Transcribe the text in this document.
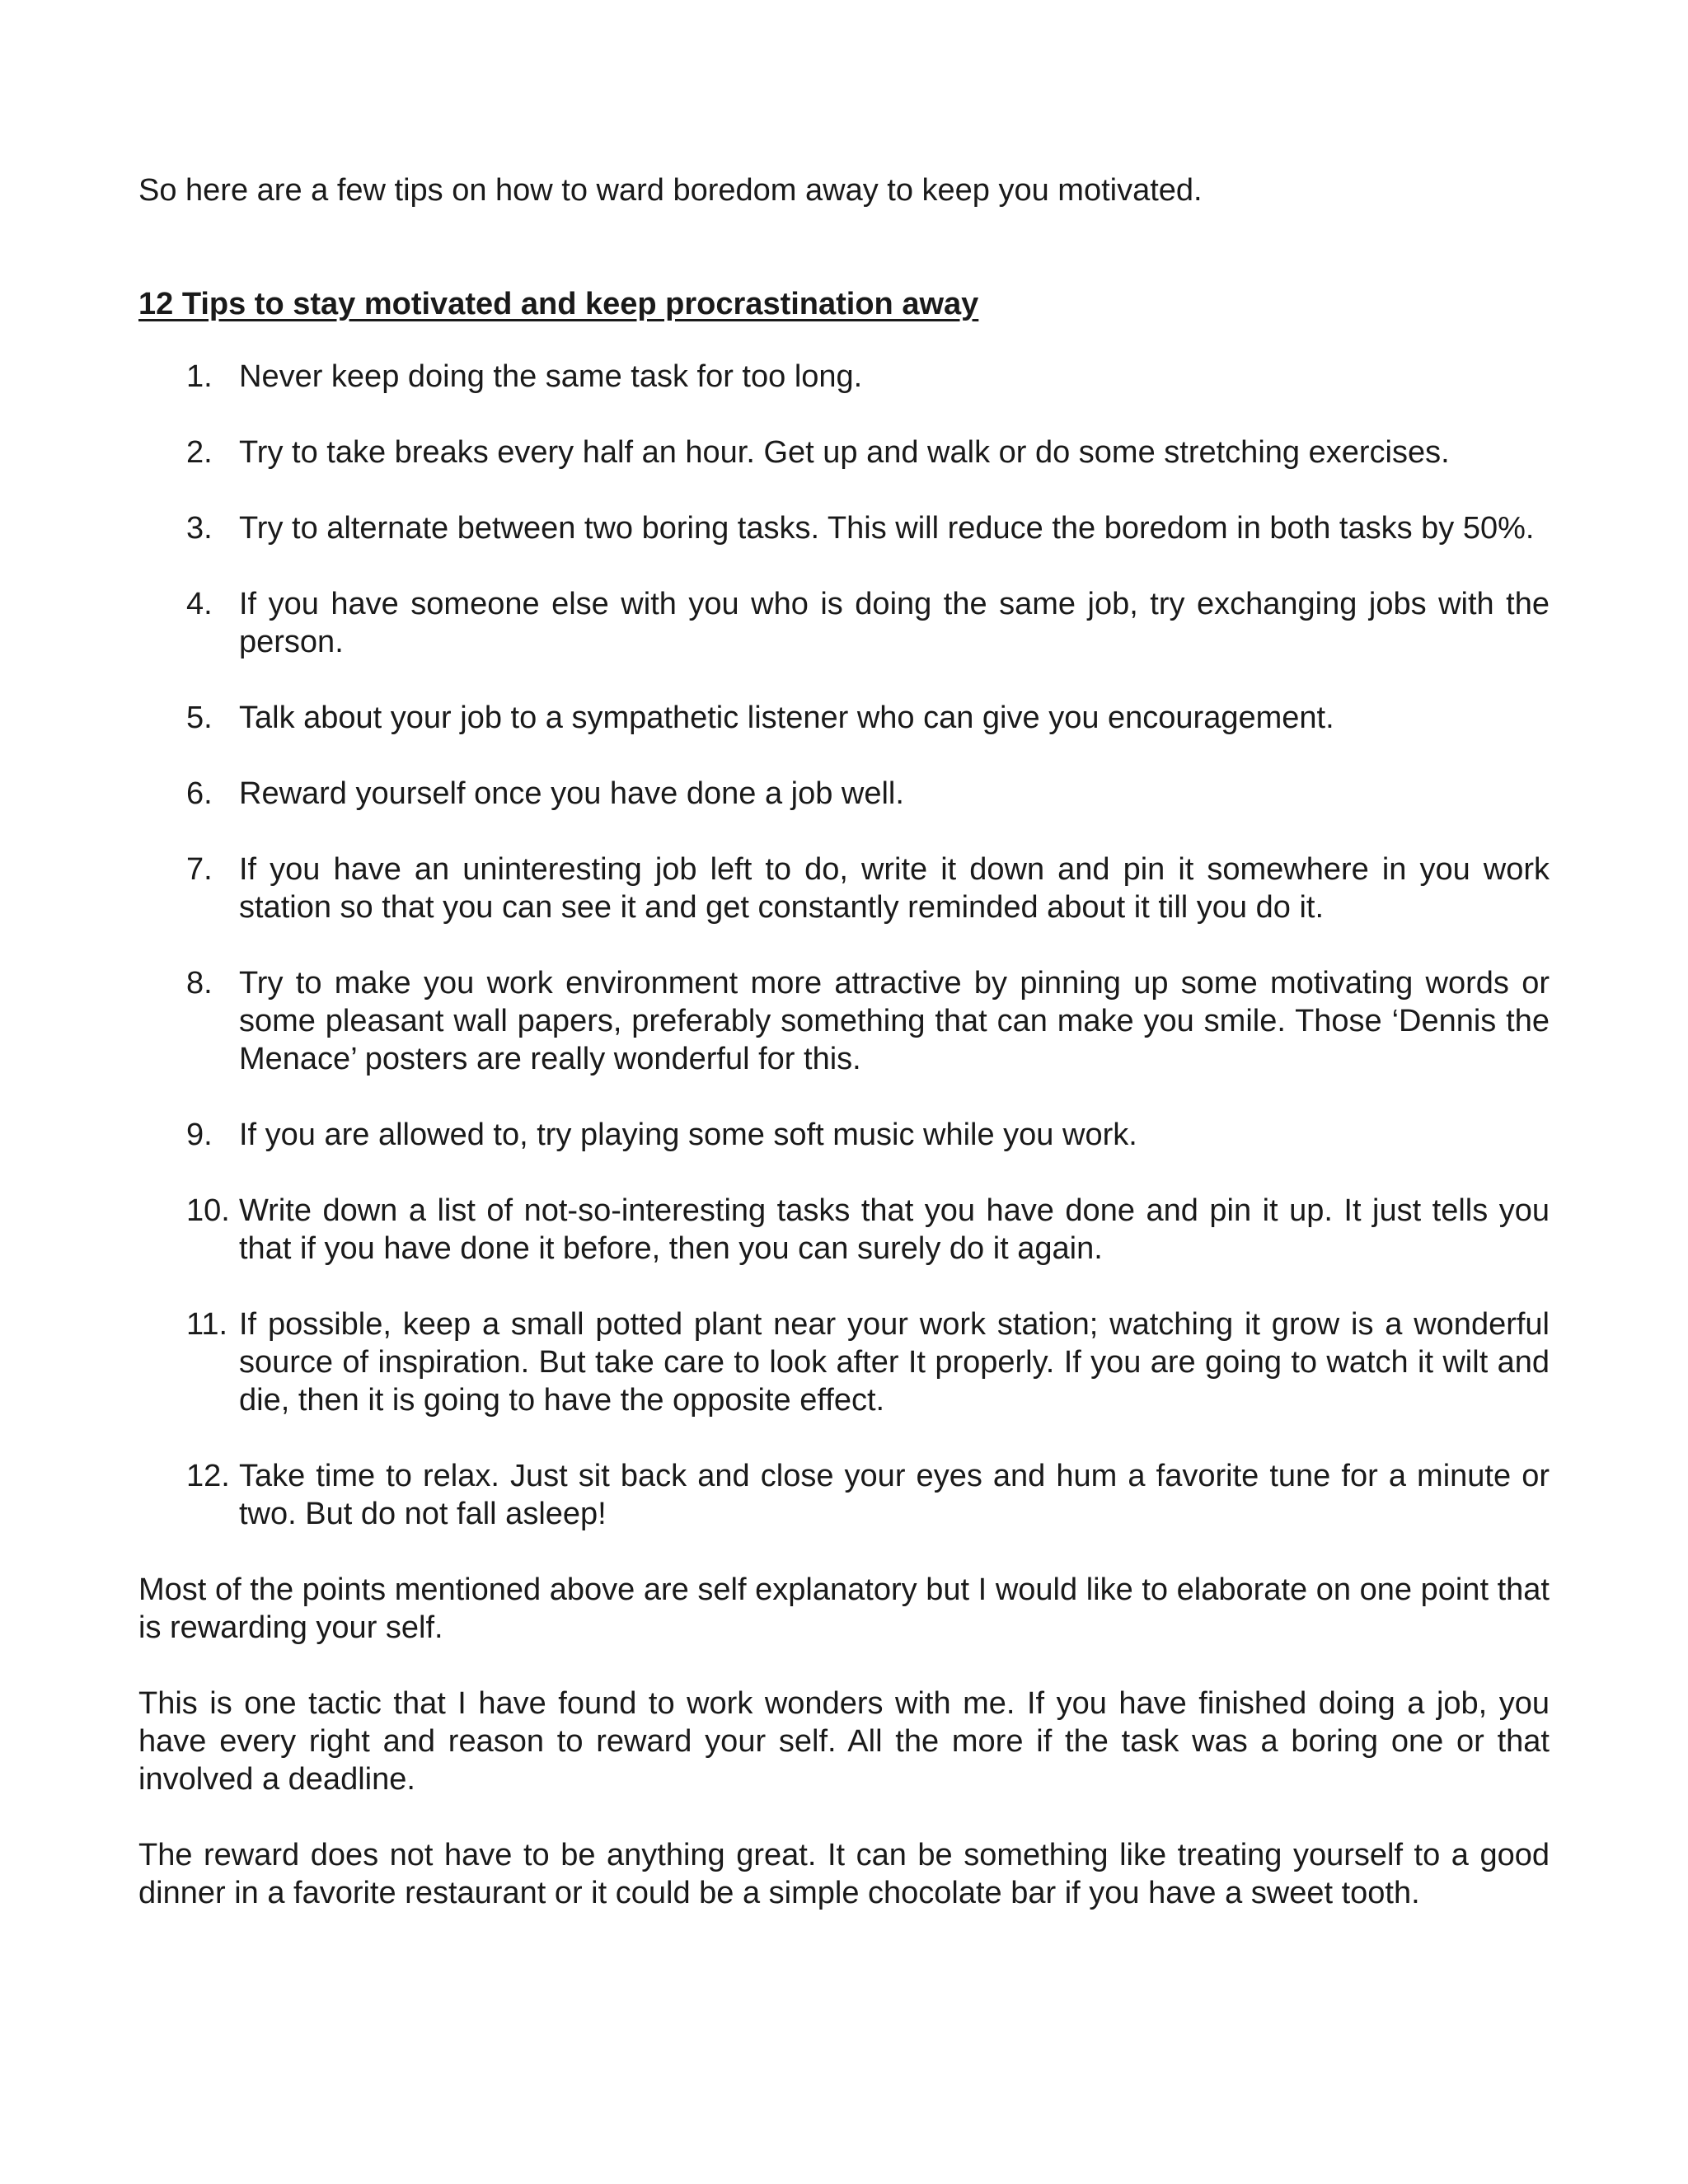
So here are a few tips on how to ward boredom away to keep you motivated.

12 Tips to stay motivated and keep procrastination away

1. Never keep doing the same task for too long.
2. Try to take breaks every half an hour. Get up and walk or do some stretching exercises.
3. Try to alternate between two boring tasks. This will reduce the boredom in both tasks by 50%.
4. If you have someone else with you who is doing the same job, try exchanging jobs with the person.
5. Talk about your job to a sympathetic listener who can give you encouragement.
6. Reward yourself once you have done a job well.
7. If you have an uninteresting job left to do, write it down and pin it somewhere in you work station so that you can see it and get constantly reminded about it till you do it.
8. Try to make you work environment more attractive by pinning up some motivating words or some pleasant wall papers, preferably something that can make you smile. Those ‘Dennis the Menace’ posters are really wonderful for this.
9. If you are allowed to, try playing some soft music while you work.
10. Write down a list of not-so-interesting tasks that you have done and pin it up. It just tells you that if you have done it before, then you can surely do it again.
11. If possible, keep a small potted plant near your work station; watching it grow is a wonderful source of inspiration. But take care to look after It properly. If you are going to watch it wilt and die, then it is going to have the opposite effect.
12. Take time to relax. Just sit back and close your eyes and hum a favorite tune for a minute or two. But do not fall asleep!

Most of the points mentioned above are self explanatory but I would like to elaborate on one point that is rewarding your self.

This is one tactic that I have found to work wonders with me. If you have finished doing a job, you have every right and reason to reward your self. All the more if the task was a boring one or that involved a deadline.

The reward does not have to be anything great. It can be something like treating yourself to a good dinner in a favorite restaurant or it could be a simple chocolate bar if you have a sweet tooth.
